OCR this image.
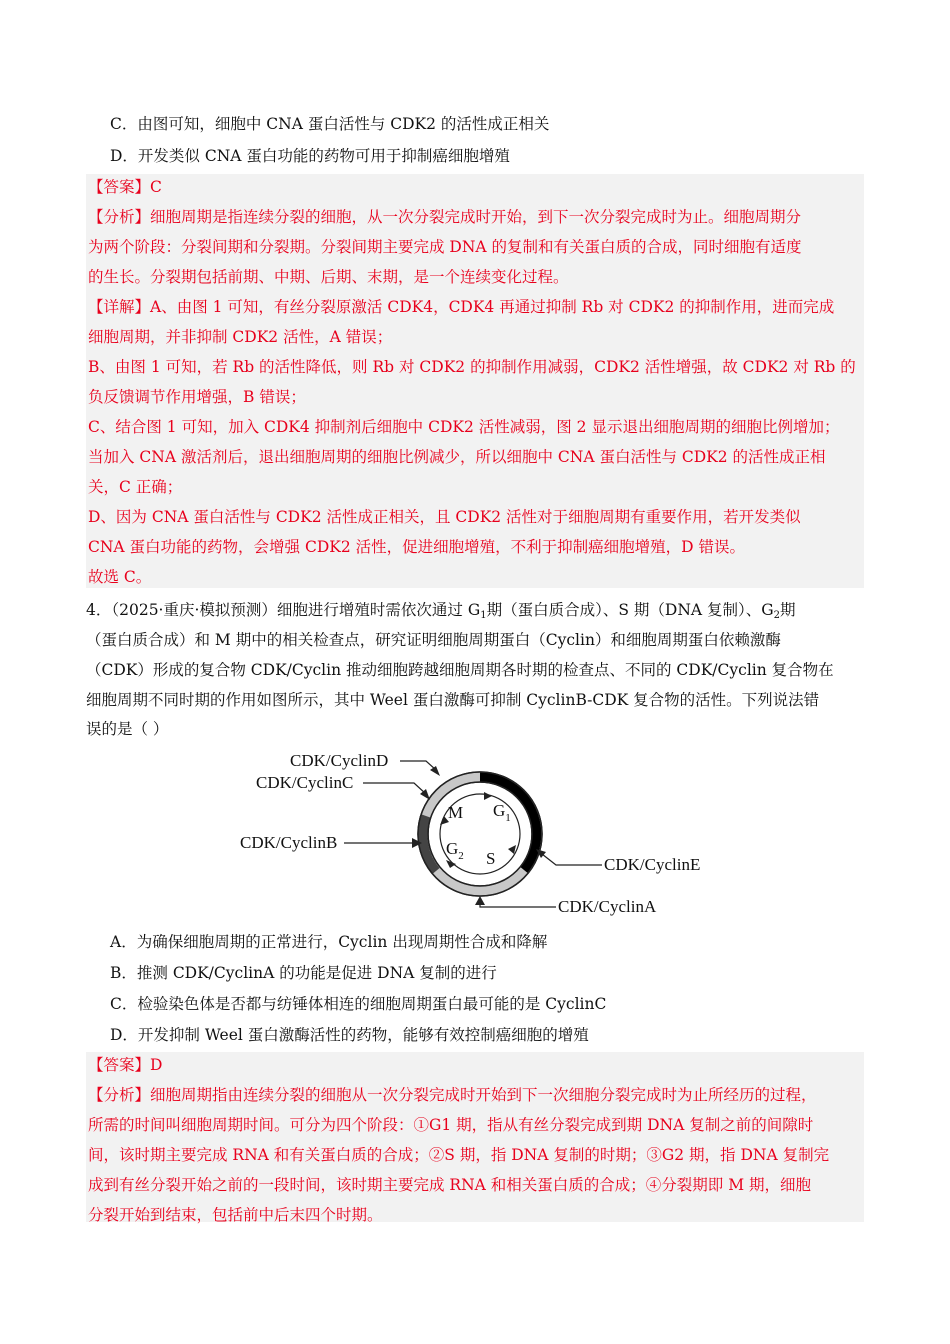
C．由图可知，细胞中 CNA 蛋白活性与 CDK2 的活性成正相关
D．开发类似 CNA 蛋白功能的药物可用于抑制癌细胞增殖
【答案】C
【分析】细胞周期是指连续分裂的细胞，从一次分裂完成时开始，到下一次分裂完成时为止。细胞周期分
为两个阶段：分裂间期和分裂期。分裂间期主要完成 DNA 的复制和有关蛋白质的合成，同时细胞有适度
的生长。分裂期包括前期、中期、后期、末期，是一个连续变化过程。
【详解】A、由图 1 可知，有丝分裂原激活 CDK4，CDK4 再通过抑制 Rb 对 CDK2 的抑制作用，进而完成
细胞周期，并非抑制 CDK2 活性，A 错误；
B、由图 1 可知，若 Rb 的活性降低，则 Rb 对 CDK2 的抑制作用减弱，CDK2 活性增强，故 CDK2 对 Rb 的
负反馈调节作用增强，B 错误；
C、结合图 1 可知，加入 CDK4 抑制剂后细胞中 CDK2 活性减弱，图 2 显示退出细胞周期的细胞比例增加；
当加入 CNA 激活剂后，退出细胞周期的细胞比例减少，所以细胞中 CNA 蛋白活性与 CDK2 的活性成正相
关，C 正确；
D、因为 CNA 蛋白活性与 CDK2 活性成正相关，且 CDK2 活性对于细胞周期有重要作用，若开发类似
CNA 蛋白功能的药物，会增强 CDK2 活性，促进细胞增殖，不利于抑制癌细胞增殖，D 错误。
故选 C。
4．（2025·重庆·模拟预测）细胞进行增殖时需依次通过 $G_1$期（蛋白质合成）、S 期（DNA 复制）、$G_2$期
（蛋白质合成）和 M 期中的相关检查点，研究证明细胞周期蛋白（Cyclin）和细胞周期蛋白依赖激酶
（CDK）形成的复合物 CDK/Cyclin 推动细胞跨越细胞周期各时期的检查点、不同的 CDK/Cyclin 复合物在
细胞周期不同时期的作用如图所示，其中 Weel 蛋白激酶可抑制 CyclinB-CDK 复合物的活性。下列说法错
误的是（ ）
M $G_1$
$G_2$ S
CDK/CyclinD
CDK/CyclinC
CDK/CyclinB
CDK/CyclinE
CDK/CyclinA
A．为确保细胞周期的正常进行，Cyclin 出现周期性合成和降解
B．推测 CDK/CyclinA 的功能是促进 DNA 复制的进行
C．检验染色体是否都与纺锤体相连的细胞周期蛋白最可能的是 CyclinC
D．开发抑制 Weel 蛋白激酶活性的药物，能够有效控制癌细胞的增殖
【答案】D
【分析】细胞周期指由连续分裂的细胞从一次分裂完成时开始到下一次细胞分裂完成时为止所经历的过程，
所需的时间叫细胞周期时间。可分为四个阶段：①G1 期，指从有丝分裂完成到期 DNA 复制之前的间隙时
间，该时期主要完成 RNA 和有关蛋白质的合成；②S 期，指 DNA 复制的时期；③G2 期，指 DNA 复制完
成到有丝分裂开始之前的一段时间，该时期主要完成 RNA 和相关蛋白质的合成；④分裂期即 M 期，细胞
分裂开始到结束，包括前中后末四个时期。
